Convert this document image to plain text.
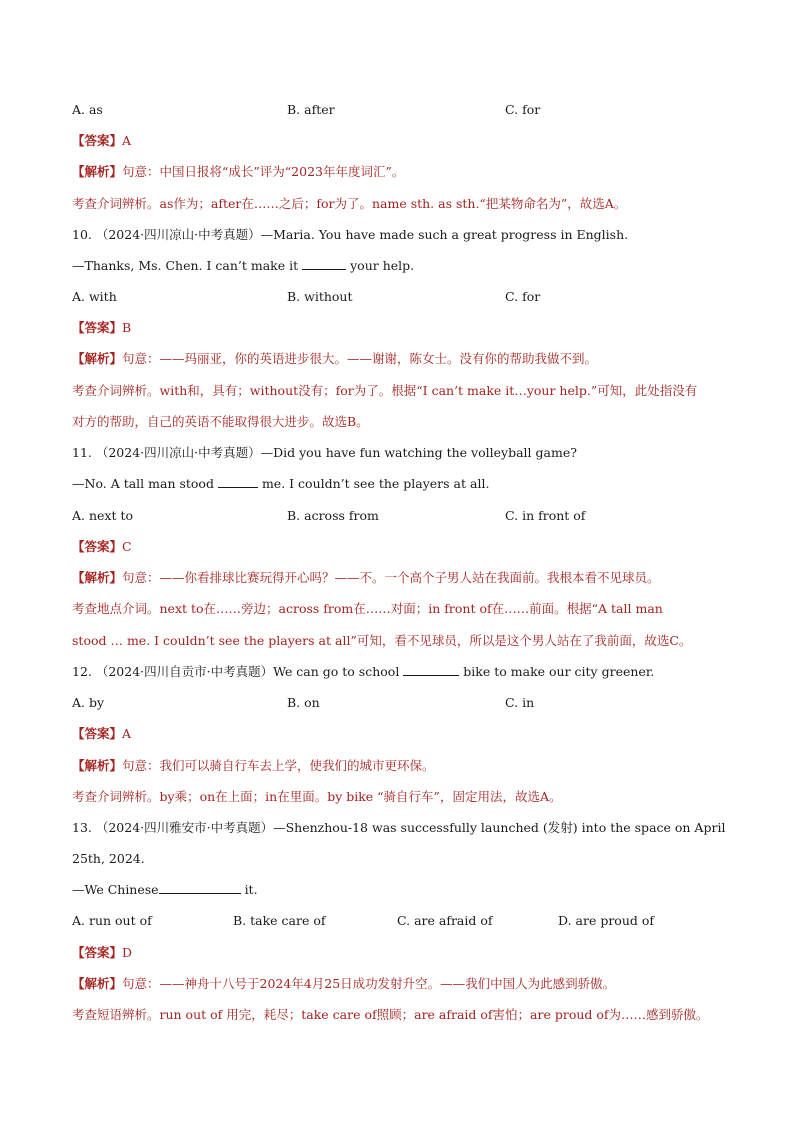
A. as	B. after	C. for
【答案】A
【解析】句意：中国日报将“成长”评为“2023年年度词汇”。
考查介词辨析。as作为；after在……之后；for为了。name sth. as sth.“把某物命名为”，故选A。
10. （2024·四川凉山·中考真题）—Maria. You have made such a great progress in English.
—Thanks, Ms. Chen. I can’t make it	your help.
A. with	B. without	C. for
【答案】B
【解析】句意：——玛丽亚，你的英语进步很大。——谢谢，陈女士。没有你的帮助我做不到。
考查介词辨析。with和，具有；without没有；for为了。根据“I can’t make it…your help.”可知，此处指没有
对方的帮助，自己的英语不能取得很大进步。故选B。
11. （2024·四川凉山·中考真题）—Did you have fun watching the volleyball game?
—No. A tall man stood	me. I couldn’t see the players at all.
A. next to	B. across from	C. in front of
【答案】C
【解析】句意：——你看排球比赛玩得开心吗？——不。一个高个子男人站在我面前。我根本看不见球员。
考查地点介词。next to在……旁边；across from在……对面；in front of在……前面。根据“A tall man
stood … me. I couldn’t see the players at all”可知，看不见球员，所以是这个男人站在了我前面，故选C。
12. （2024·四川自贡市·中考真题）We can go to school	bike to make our city greener.
A. by	B. on	C. in
【答案】A
【解析】句意：我们可以骑自行车去上学，使我们的城市更环保。
考查介词辨析。by乘；on在上面；in在里面。by bike “骑自行车”，固定用法，故选A。
13. （2024·四川雅安市·中考真题）—Shenzhou-18 was successfully launched (发射) into the space on April
25th, 2024.
—We Chinese	it.
A. run out of	B. take care of	C. are afraid of	D. are proud of
【答案】D
【解析】句意：——神舟十八号于2024年4月25日成功发射升空。——我们中国人为此感到骄傲。
考查短语辨析。run out of 用完，耗尽；take care of照顾；are afraid of害怕；are proud of为……感到骄傲。
